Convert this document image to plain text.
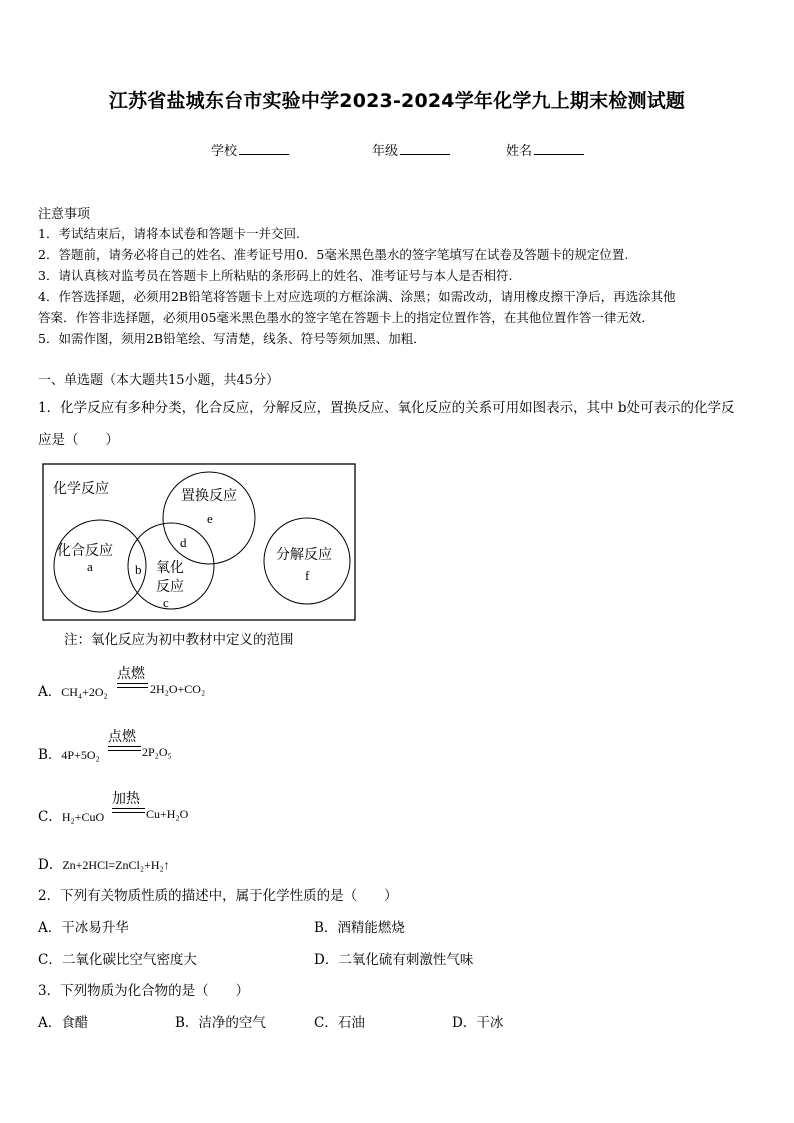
江苏省盐城东台市实验中学2023-2024学年化学九上期末检测试题
学校	年级	姓名
注意事项
1．考试结束后，请将本试卷和答题卡一并交回.
2．答题前，请务必将自己的姓名、准考证号用0．5毫米黑色墨水的签字笔填写在试卷及答题卡的规定位置.
3．请认真核对监考员在答题卡上所粘贴的条形码上的姓名、准考证号与本人是否相符.
4．作答选择题，必须用2B铅笔将答题卡上对应选项的方框涂满、涂黑；如需改动，请用橡皮擦干净后，再选涂其他
答案．作答非选择题，必须用05毫米黑色墨水的签字笔在答题卡上的指定位置作答，在其他位置作答一律无效．
5．如需作图，须用2B铅笔绘、写清楚，线条、符号等须加黑、加粗．
一、单选题（本大题共15小题，共45分）
1．化学反应有多种分类，化合反应，分解反应，置换反应、氧化反应的关系可用如图表示，其中 b处可表示的化学反
应是（　　）
化学反应	置换反应
e
d
化合反应
a	b 氧化
反应
c
分解反应
f
注：氧化反应为初中教材中定义的范围
A．CH₄+2O₂
点燃
2H₂O+CO₂
B．4P+5O₂
点燃
2P₂O₅
C．H₂+CuO
加热
Cu+H₂O
D．Zn+2HCl=ZnCl₂+H₂↑
2．下列有关物质性质的描述中，属于化学性质的是（　　）
A．干冰易升华	B．酒精能燃烧
C．二氧化碳比空气密度大	D．二氧化硫有刺激性气味
3．下列物质为化合物的是（　　）
A．食醋	B．洁净的空气	C．石油	D．干冰
